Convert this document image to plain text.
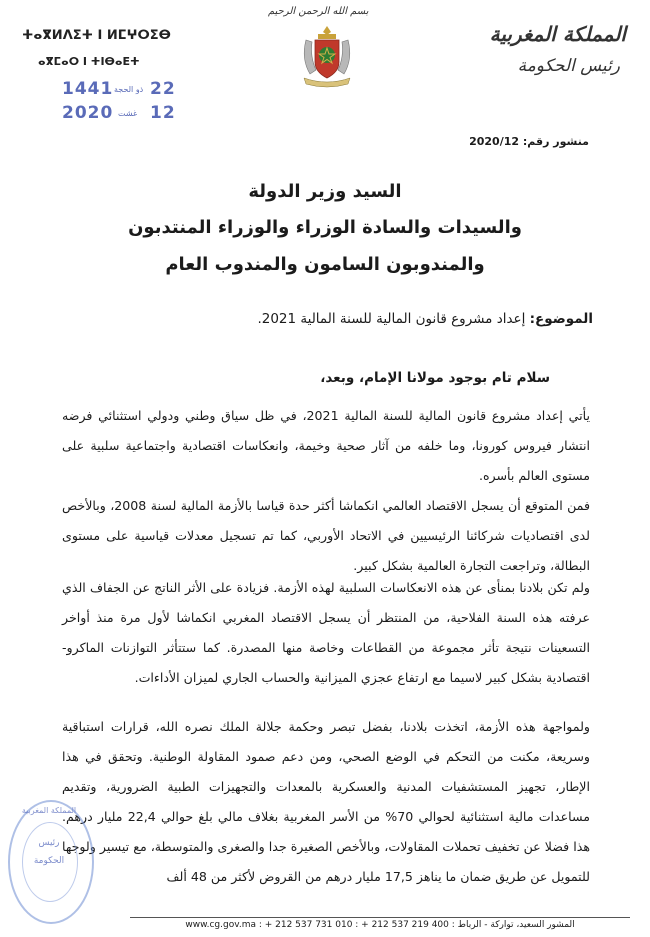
ⵜⴰⴳⵍⴷⵉⵜ ⵏ ⵍⵎⵖⵔⵉⴱ
ⴰⴳⵎⴰⵔ ⵏ ⵜⵏⴱⴰⴹⵜ
1441 ذو الحجة 22
2020 غشت 12
بسم الله الرحمن الرحيم
المملكة المغربية
رئيس الحكومة
منشور رقم: 2020/12
السيد وزير الدولة
والسيدات والسادة الوزراء والوزراء المنتدبون
والمندوبون السامون والمندوب العام
الموضوع: إعداد مشروع قانون المالية للسنة المالية 2021.
سلام تام بوجود مولانا الإمام، وبعد،
يأتي إعداد مشروع قانون المالية للسنة المالية 2021، في ظل سياق وطني ودولي استثنائي فرضه انتشار فيروس كورونا، وما خلفه من آثار صحية وخيمة، وانعكاسات اقتصادية واجتماعية سلبية على مستوى العالم بأسره.
فمن المتوقع أن يسجل الاقتصاد العالمي انكماشا أكثر حدة قياسا بالأزمة المالية لسنة 2008، وبالأخص لدى اقتصاديات شركائنا الرئيسيين في الاتحاد الأوربي، كما تم تسجيل معدلات قياسية على مستوى البطالة، وتراجعت التجارة العالمية بشكل كبير.
ولم تكن بلادنا بمنأى عن هذه الانعكاسات السلبية لهذه الأزمة. فزيادة على الأثر الناتج عن الجفاف الذي عرفته هذه السنة الفلاحية، من المنتظر أن يسجل الاقتصاد المغربي انكماشا لأول مرة منذ أواخر التسعينات نتيجة تأثر مجموعة من القطاعات وخاصة منها المصدرة. كما ستتأثر التوازنات الماكرو-اقتصادية بشكل كبير لاسيما مع ارتفاع عجزي الميزانية والحساب الجاري لميزان الأداءات.
ولمواجهة هذه الأزمة، اتخذت بلادنا، بفضل تبصر وحكمة جلالة الملك نصره الله، قرارات استباقية وسريعة، مكنت من التحكم في الوضع الصحي، ومن دعم صمود المقاولة الوطنية. وتحقق في هذا الإطار، تجهيز المستشفيات المدنية والعسكرية بالمعدات والتجهيزات الطبية الضرورية، وتقديم مساعدات مالية استثنائية لحوالي 70% من الأسر المغربية بغلاف مالي بلغ حوالي 22,4 مليار درهم. هذا فضلا عن تخفيف تحملات المقاولات، وبالأخص الصغيرة جدا والصغرى والمتوسطة، مع تيسير ولوجها للتمويل عن طريق ضمان ما يناهز 17,5 مليار درهم من القروض لأكثر من 48 ألف
المملكة المغربية
رئيس
الحكومة
www.cg.gov.ma : + 212 537 731 010 : + 212 537 219 400 : المشور السعيد، تواركة - الرباط
